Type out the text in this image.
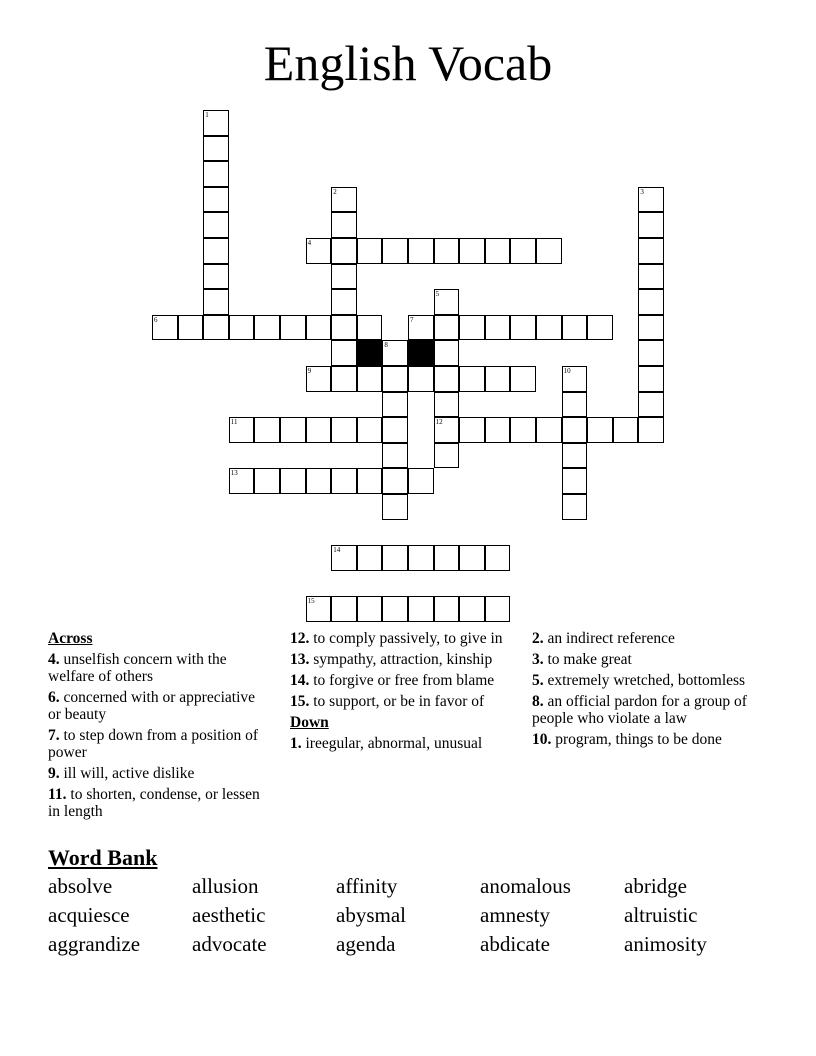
English Vocab
1
2	3
4
5
12
6	7
8
9	10
11
13
14
15
Across
4. unselfish concern with the welfare of others
6. concerned with or appreciative or beauty
7. to step down from a position of power
9. ill will, active dislike
11. to shorten, condense, or lessen in length
12. to comply passively, to give in
13. sympathy, attraction, kinship
14. to forgive or free from blame
15. to support, or be in favor of
Down
1. ireegular, abnormal, unusual
2. an indirect reference
3. to make great
5. extremely wretched, bottomless
8. an official pardon for a group of people who violate a law
10. program, things to be done
Word Bank
absolve	allusion	affinity	anomalous	abridge
acquiesce	aesthetic	abysmal	amnesty	altruistic
aggrandize	advocate	agenda	abdicate	animosity
